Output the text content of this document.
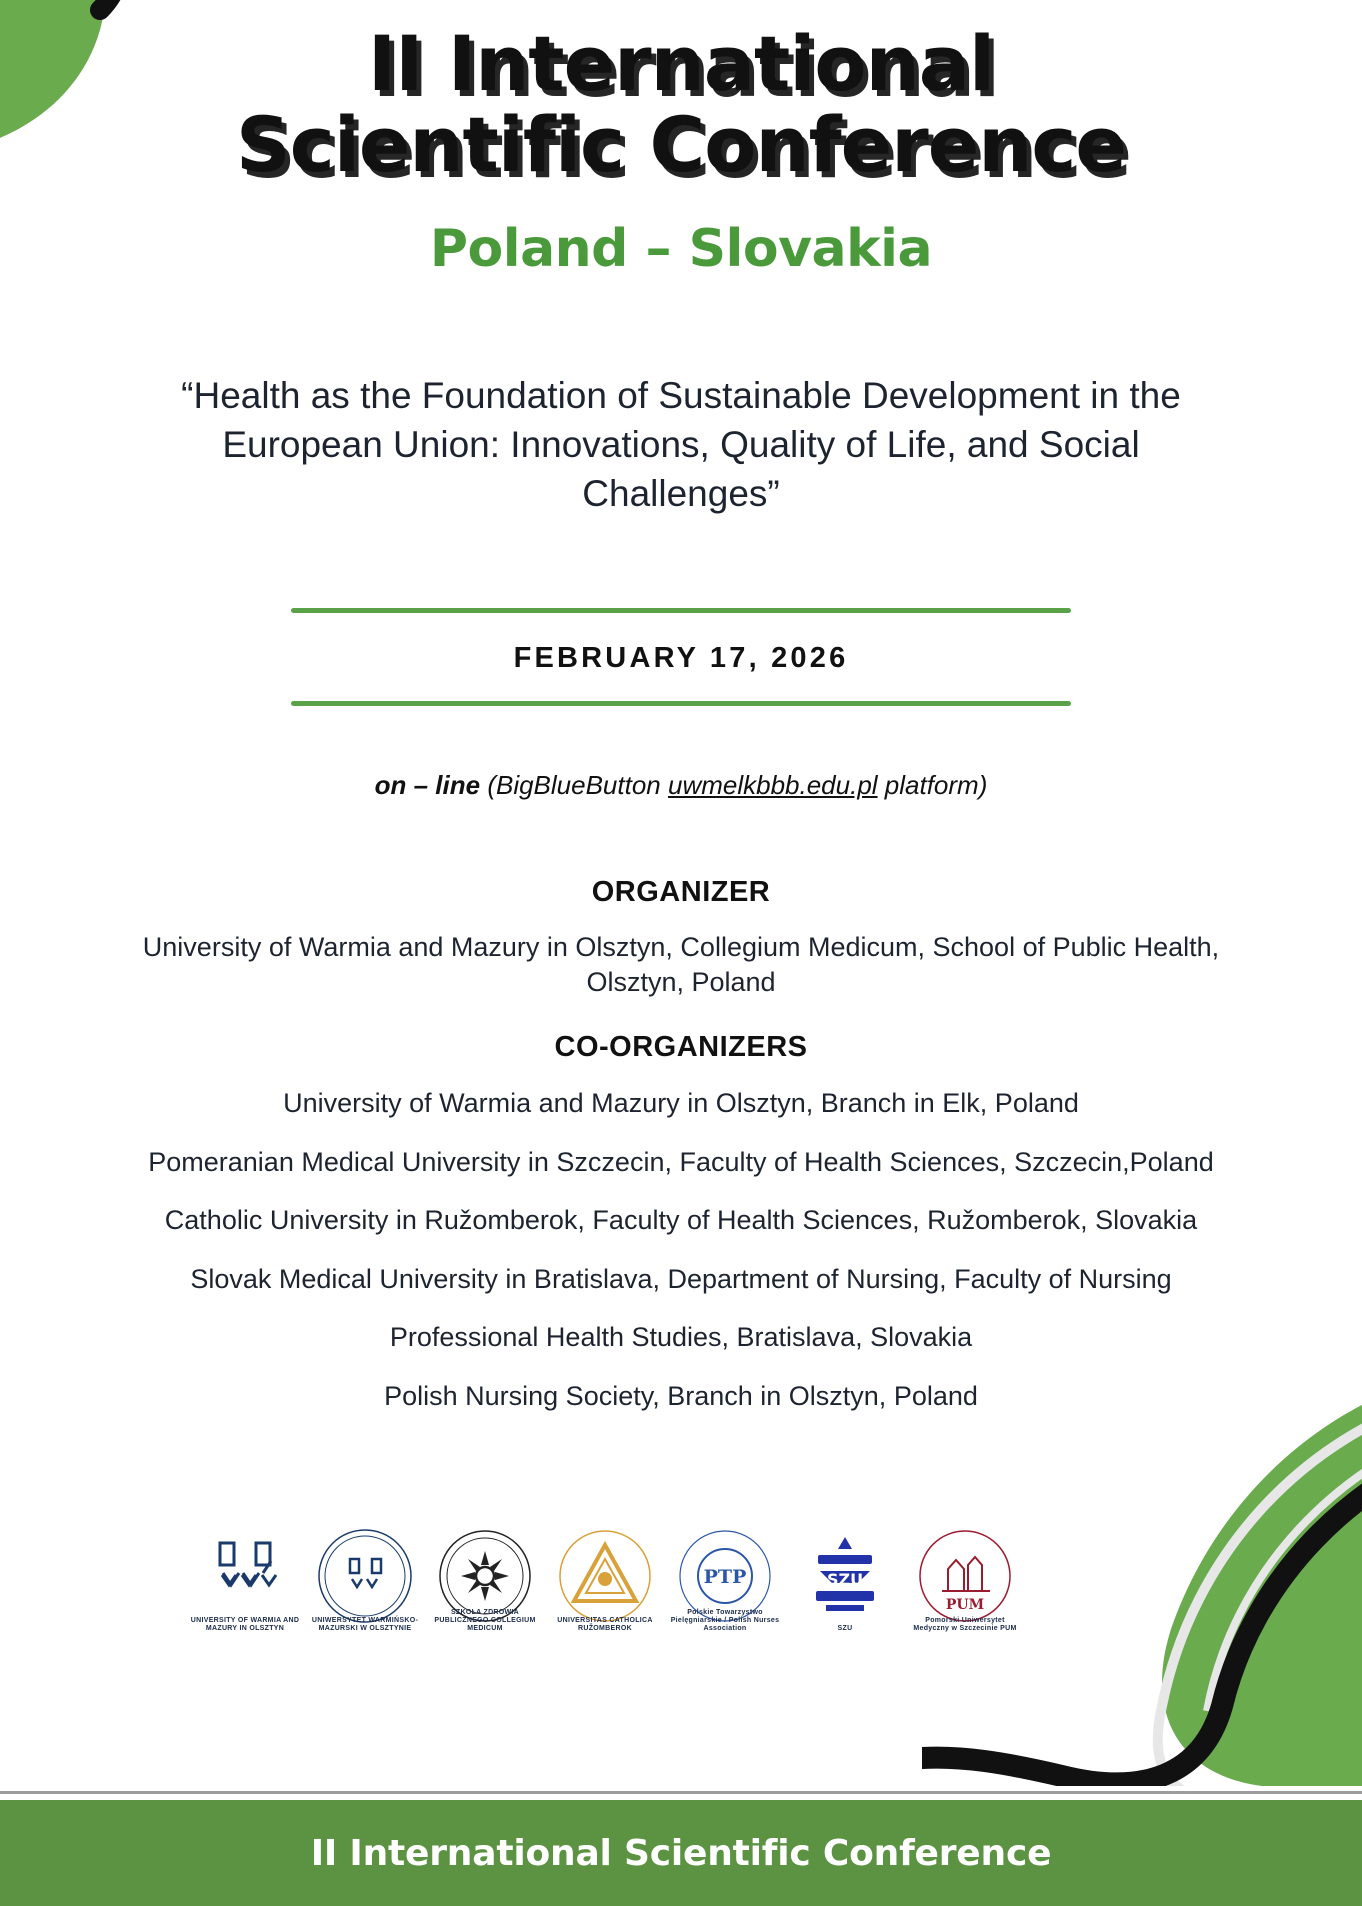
II International
Scientific Conference
Poland – Slovakia
“Health as the Foundation of Sustainable Development in the European Union: Innovations, Quality of Life, and Social Challenges”
FEBRUARY 17, 2026
on – line (BigBlueButton uwmelkbbb.edu.pl platform)
ORGANIZER
University of Warmia and Mazury in Olsztyn, Collegium Medicum, School of Public Health, Olsztyn, Poland
CO-ORGANIZERS
University of Warmia and Mazury in Olsztyn, Branch in Elk, Poland
Pomeranian Medical University in Szczecin, Faculty of Health Sciences, Szczecin,Poland
Catholic University in Ružomberok, Faculty of Health Sciences, Ružomberok, Slovakia
Slovak Medical University in Bratislava, Department of Nursing, Faculty of Nursing
Professional Health Studies, Bratislava, Slovakia
Polish Nursing Society, Branch in Olsztyn, Poland
UNIVERSITY OF WARMIA AND MAZURY IN OLSZTYN
UNIWERSYTET WARMIŃSKO-MAZURSKI W OLSZTYNIE
SZKOŁA ZDROWIA PUBLICZNEGO COLLEGIUM MEDICUM
UNIVERSITAS CATHOLICA RUŽOMBEROK
PTP
Polskie Towarzystwo Pielęgniarskie / Polish Nurses Association
SZU
SZU
PUM
Pomorski Uniwersytet Medyczny w Szczecinie PUM
II International Scientific Conference
